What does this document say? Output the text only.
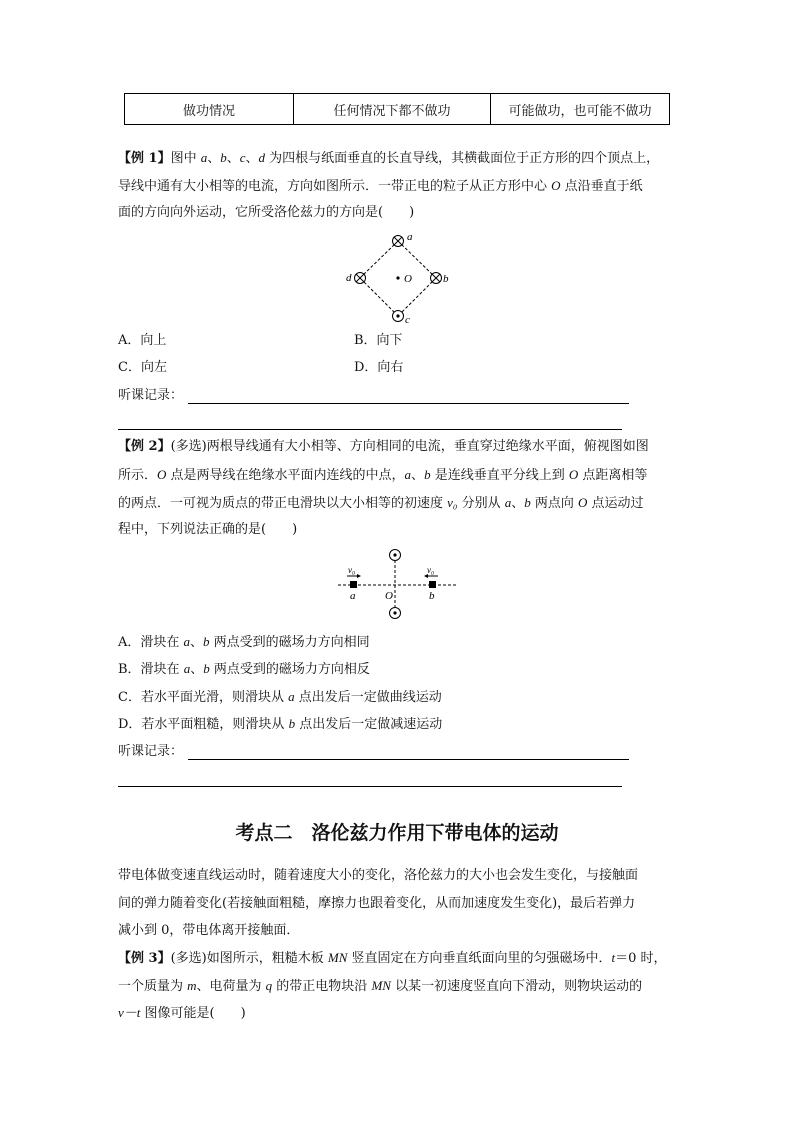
做功情况	任何情况下都不做功	可能做功，也可能不做功
【例 1】图中 a、b、c、d 为四根与纸面垂直的长直导线，其横截面位于正方形的四个顶点上，
导线中通有大小相等的电流，方向如图所示．一带正电的粒子从正方形中心 O 点沿垂直于纸
面的方向向外运动，它所受洛伦兹力的方向是(　　)
a
b
d
c
O
A．向上	B．向下
C．向左	D．向右
听课记录：
【例 2】(多选)两根导线通有大小相等、方向相同的电流，垂直穿过绝缘水平面，俯视图如图
所示．O 点是两导线在绝缘水平面内连线的中点，a、b 是连线垂直平分线上到 O 点距离相等
的两点．一可视为质点的带正电滑块以大小相等的初速度 v₀ 分别从 a、b 两点向 O 点运动过
程中，下列说法正确的是(　　)
v₀	v₀
a	b
O
A．滑块在 a、b 两点受到的磁场力方向相同
B．滑块在 a、b 两点受到的磁场力方向相反
C．若水平面光滑，则滑块从 a 点出发后一定做曲线运动
D．若水平面粗糙，则滑块从 b 点出发后一定做减速运动
听课记录：
考点二　洛伦兹力作用下带电体的运动
带电体做变速直线运动时，随着速度大小的变化，洛伦兹力的大小也会发生变化，与接触面
间的弹力随着变化(若接触面粗糙，摩擦力也跟着变化，从而加速度发生变化)，最后若弹力
减小到 0，带电体离开接触面．
【例 3】(多选)如图所示，粗糙木板 MN 竖直固定在方向垂直纸面向里的匀强磁场中．t＝0 时，
一个质量为 m、电荷量为 q 的带正电物块沿 MN 以某一初速度竖直向下滑动，则物块运动的
v－t 图像可能是(　　)
